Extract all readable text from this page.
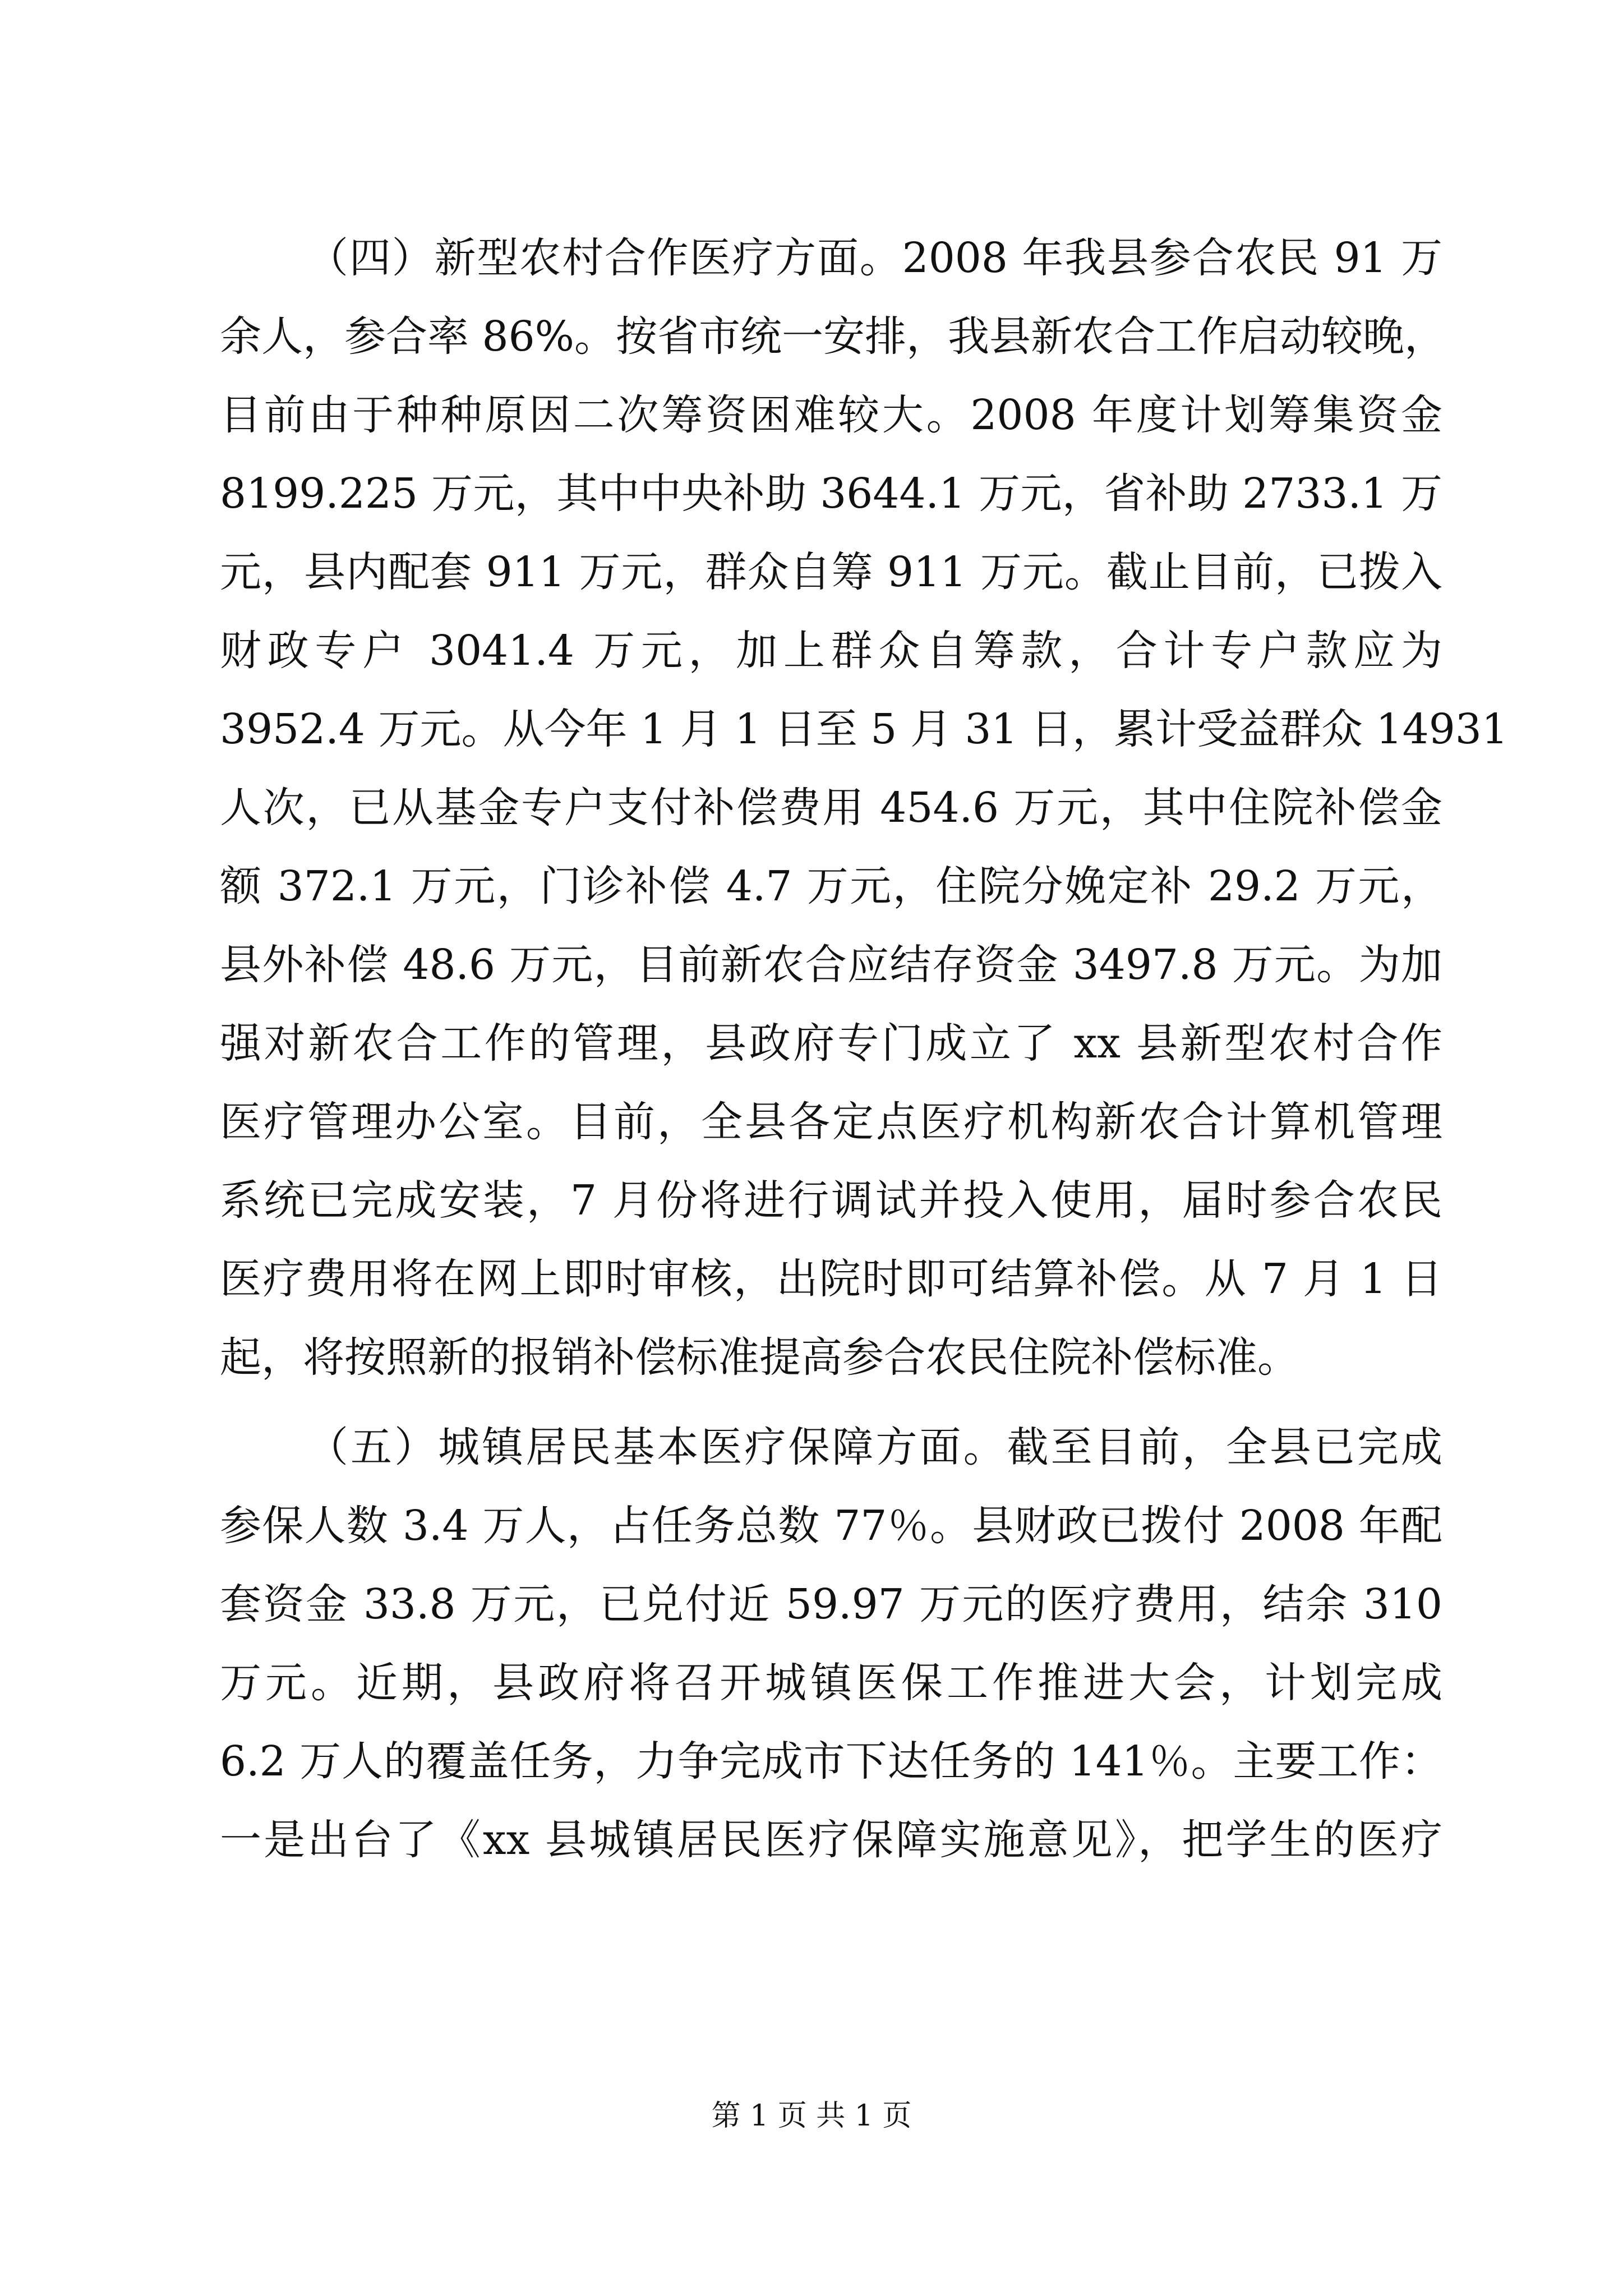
（四）新型农村合作医疗方面。2008 年我县参合农民 91 万
余人，参合率 86%。按省市统一安排，我县新农合工作启动较晚，
目前由于种种原因二次筹资困难较大。2008 年度计划筹集资金
8199.225 万元，其中中央补助 3644.1 万元，省补助 2733.1 万
元，县内配套 911 万元，群众自筹 911 万元。截止目前，已拨入
财政专户 3041.4 万元，加上群众自筹款，合计专户款应为
3952.4 万元。从今年 1 月 1 日至 5 月 31 日，累计受益群众 14931
人次，已从基金专户支付补偿费用 454.6 万元，其中住院补偿金
额 372.1 万元，门诊补偿 4.7 万元，住院分娩定补 29.2 万元，
县外补偿 48.6 万元，目前新农合应结存资金 3497.8 万元。为加
强对新农合工作的管理，县政府专门成立了 xx 县新型农村合作
医疗管理办公室。目前，全县各定点医疗机构新农合计算机管理
系统已完成安装，7 月份将进行调试并投入使用，届时参合农民
医疗费用将在网上即时审核，出院时即可结算补偿。从 7 月 1 日
起，将按照新的报销补偿标准提高参合农民住院补偿标准。
（五）城镇居民基本医疗保障方面。截至目前，全县已完成
参保人数 3.4 万人，占任务总数 77％。县财政已拨付 2008 年配
套资金 33.8 万元，已兑付近 59.97 万元的医疗费用，结余 310
万元。近期，县政府将召开城镇医保工作推进大会，计划完成
6.2 万人的覆盖任务，力争完成市下达任务的 141％。主要工作：
一是出台了《xx 县城镇居民医疗保障实施意见》，把学生的医疗
第 1 页 共 1 页
